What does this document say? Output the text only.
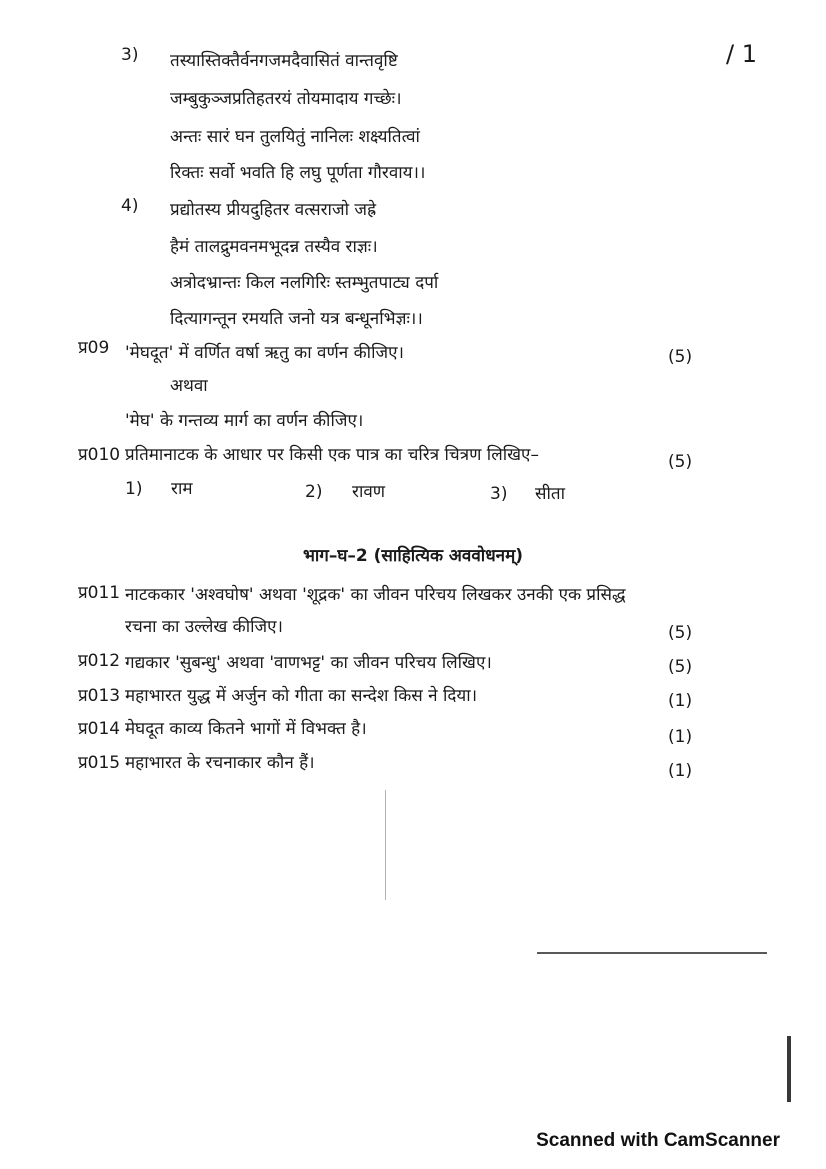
/ 1
3) तस्यास्तिक्तैर्वनगजमदैवासितं वान्तवृष्टि
जम्बुकुञ्जप्रतिहतरयं तोयमादाय गच्छेः।
अन्तः सारं घन तुलयितुं नानिलः शक्ष्यतित्वां
रिक्तः सर्वो भवति हि लघु पूर्णता गौरवाय।।
4) प्रद्योतस्य प्रीयदुहितर वत्सराजो जह्रे
हैमं तालद्रुमवनमभूदन्न तस्यैव राज्ञः।
अत्रोदभ्रान्तः किल नलगिरिः स्तम्भुतपाट्य दर्पा
दित्यागन्तून रमयति जनो यत्र बन्धूनभिज्ञः।।
प्र09 'मेघदूत' में वर्णित वर्षा ऋतु का वर्णन कीजिए।	(5)
अथवा
'मेघ' के गन्तव्य मार्ग का वर्णन कीजिए।
प्र010 प्रतिमानाटक के आधार पर किसी एक पात्र का चरित्र चित्रण लिखिए–	(5)
1) राम	2) रावण	3) सीता
भाग–घ–2 (साहित्यिक अववोधनम्)
प्र011 नाटककार 'अश्वघोष' अथवा 'शूद्रक' का जीवन परिचय लिखकर उनकी एक प्रसिद्ध
रचना का उल्लेख कीजिए।	(5)
प्र012 गद्यकार 'सुबन्धु' अथवा 'वाणभट्ट' का जीवन परिचय लिखिए।	(5)
प्र013 महाभारत युद्ध में अर्जुन को गीता का सन्देश किस ने दिया।	(1)
प्र014 मेघदूत काव्य कितने भागों में विभक्त है।	(1)
प्र015 महाभारत के रचनाकार कौन हैं।	(1)
Scanned with CamScanner
